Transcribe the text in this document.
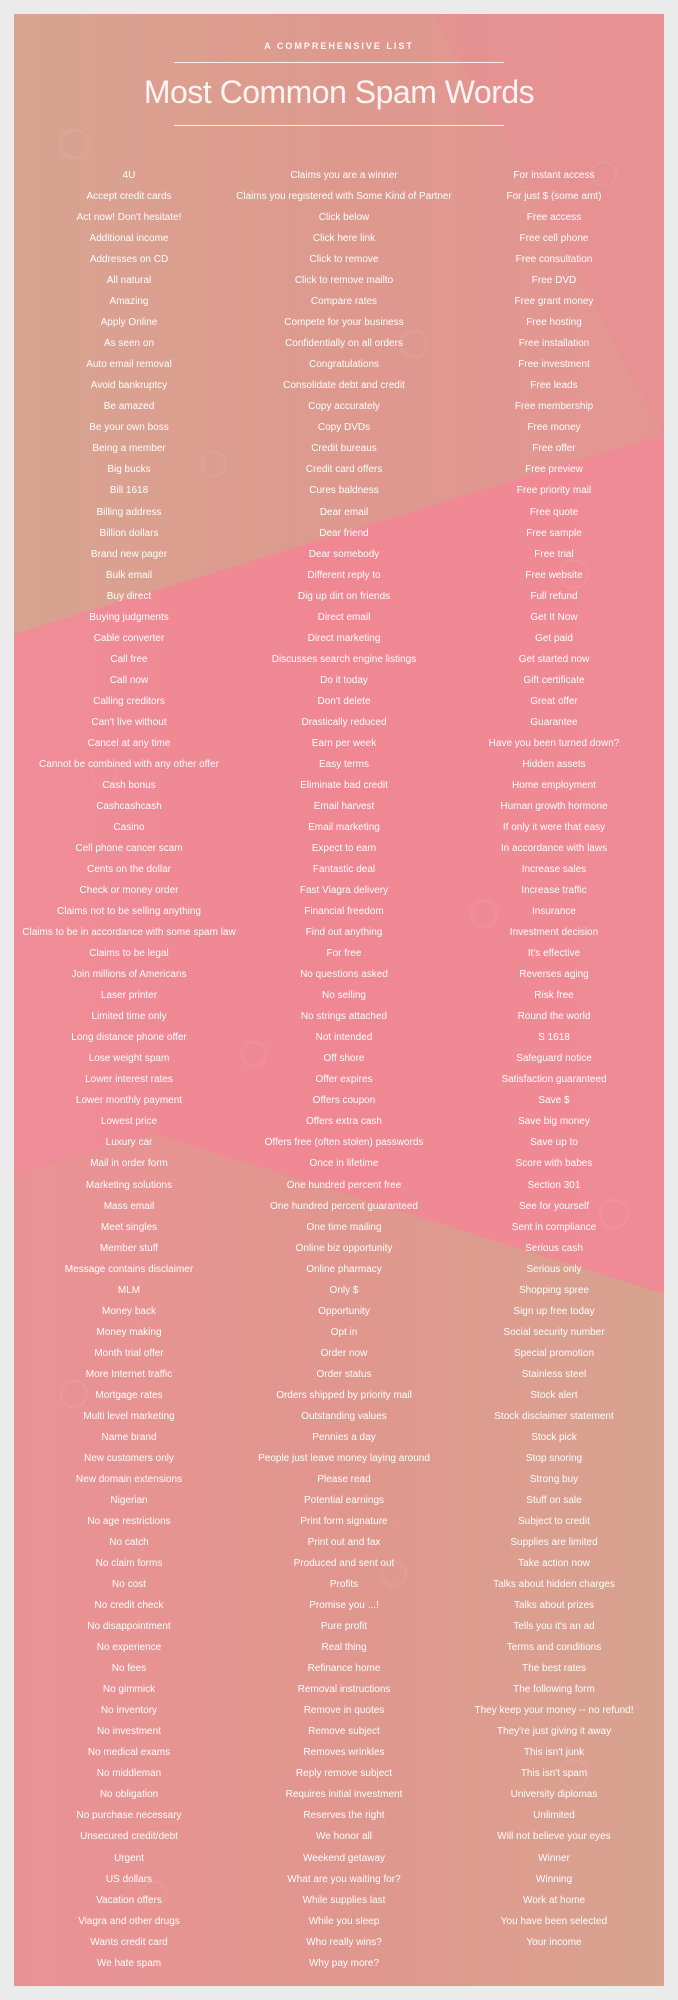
A COMPREHENSIVE LIST
Most Common Spam Words
4U
Accept credit cards
Act now! Don't hesitate!
Additional income
Addresses on CD
All natural
Amazing
Apply Online
As seen on
Auto email removal
Avoid bankruptcy
Be amazed
Be your own boss
Being a member
Big bucks
Bill 1618
Billing address
Billion dollars
Brand new pager
Bulk email
Buy direct
Buying judgments
Cable converter
Call free
Call now
Calling creditors
Can't live without
Cancel at any time
Cannot be combined with any other offer
Cash bonus
Cashcashcash
Casino
Cell phone cancer scam
Cents on the dollar
Check or money order
Claims not to be selling anything
Claims to be in accordance with some spam law
Claims to be legal
Join millions of Americans
Laser printer
Limited time only
Long distance phone offer
Lose weight spam
Lower interest rates
Lower monthly payment
Lowest price
Luxury car
Mail in order form
Marketing solutions
Mass email
Meet singles
Member stuff
Message contains disclaimer
MLM
Money back
Money making
Month trial offer
More Internet traffic
Mortgage rates
Multi level marketing
Name brand
New customers only
New domain extensions
Nigerian
No age restrictions
No catch
No claim forms
No cost
No credit check
No disappointment
No experience
No fees
No gimmick
No inventory
No investment
No medical exams
No middleman
No obligation
No purchase necessary
Unsecured credit/debt
Urgent
US dollars
Vacation offers
Viagra and other drugs
Wants credit card
We hate spam
Claims you are a winner
Claims you registered with Some Kind of Partner
Click below
Click here link
Click to remove
Click to remove mailto
Compare rates
Compete for your business
Confidentially on all orders
Congratulations
Consolidate debt and credit
Copy accurately
Copy DVDs
Credit bureaus
Credit card offers
Cures baldness
Dear email
Dear friend
Dear somebody
Different reply to
Dig up dirt on friends
Direct email
Direct marketing
Discusses search engine listings
Do it today
Don't delete
Drastically reduced
Earn per week
Easy terms
Eliminate bad credit
Email harvest
Email marketing
Expect to earn
Fantastic deal
Fast Viagra delivery
Financial freedom
Find out anything
For free
No questions asked
No selling
No strings attached
Not intended
Off shore
Offer expires
Offers coupon
Offers extra cash
Offers free (often stolen) passwords
Once in lifetime
One hundred percent free
One hundred percent guaranteed
One time mailing
Online biz opportunity
Online pharmacy
Only $
Opportunity
Opt in
Order now
Order status
Orders shipped by priority mail
Outstanding values
Pennies a day
People just leave money laying around
Please read
Potential earnings
Print form signature
Print out and fax
Produced and sent out
Profits
Promise you ...!
Pure profit
Real thing
Refinance home
Removal instructions
Remove in quotes
Remove subject
Removes wrinkles
Reply remove subject
Requires initial investment
Reserves the right
We honor all
Weekend getaway
What are you waiting for?
While supplies last
While you sleep
Who really wins?
Why pay more?
For instant access
For just $ (some amt)
Free access
Free cell phone
Free consultation
Free DVD
Free grant money
Free hosting
Free installation
Free investment
Free leads
Free membership
Free money
Free offer
Free preview
Free priority mail
Free quote
Free sample
Free trial
Free website
Full refund
Get It Now
Get paid
Get started now
Gift certificate
Great offer
Guarantee
Have you been turned down?
Hidden assets
Home employment
Human growth hormone
If only it were that easy
In accordance with laws
Increase sales
Increase traffic
Insurance
Investment decision
It's effective
Reverses aging
Risk free
Round the world
S 1618
Safeguard notice
Satisfaction guaranteed
Save $
Save big money
Save up to
Score with babes
Section 301
See for yourself
Sent in compliance
Serious cash
Serious only
Shopping spree
Sign up free today
Social security number
Special promotion
Stainless steel
Stock alert
Stock disclaimer statement
Stock pick
Stop snoring
Strong buy
Stuff on sale
Subject to credit
Supplies are limited
Take action now
Talks about hidden charges
Talks about prizes
Tells you it's an ad
Terms and conditions
The best rates
The following form
They keep your money -- no refund!
They're just giving it away
This isn't junk
This isn't spam
University diplomas
Unlimited
Will not believe your eyes
Winner
Winning
Work at home
You have been selected
Your income
